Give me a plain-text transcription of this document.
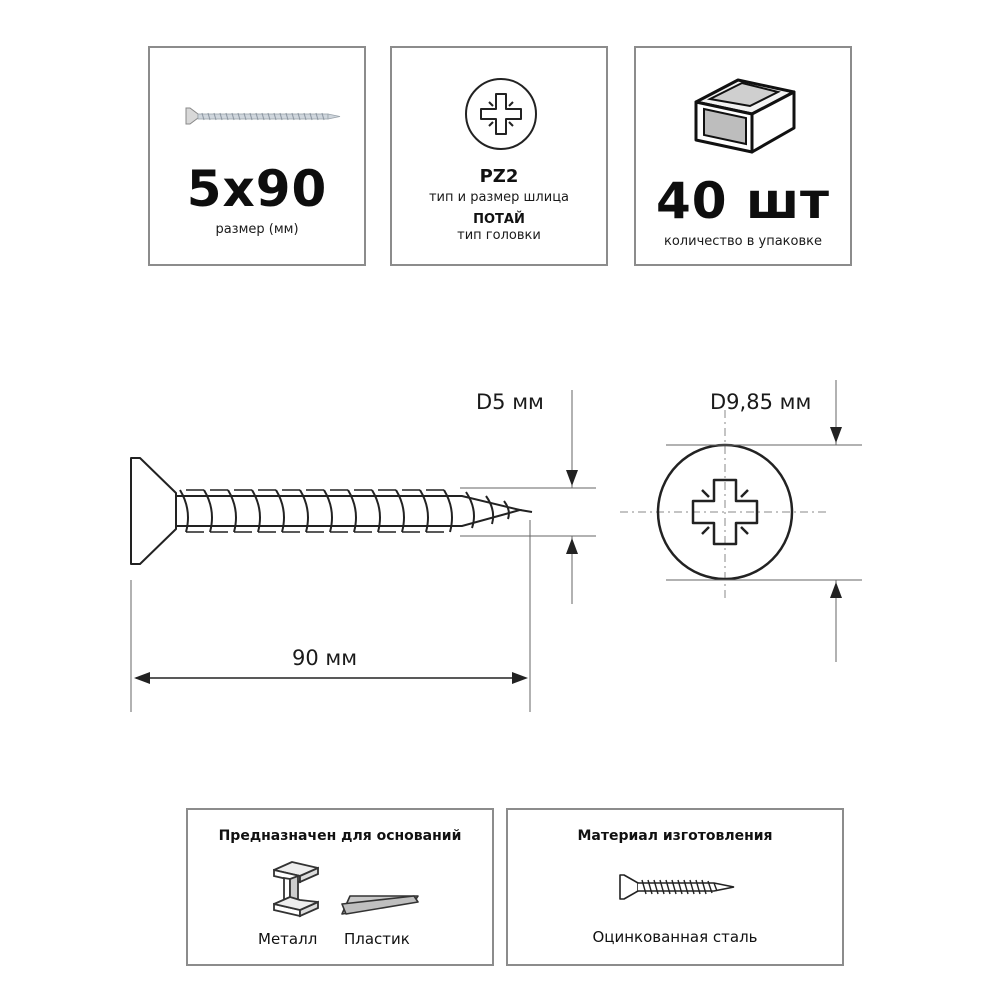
5x90
размер (мм)
PZ2
тип и размер шлица
ПОТАЙ
тип головки
40 шт
количество в упаковке
D5 мм	D9,85 мм
90 мм
Предназначен для оснований
Металл Пластик
Материал изготовления
Оцинкованная сталь
